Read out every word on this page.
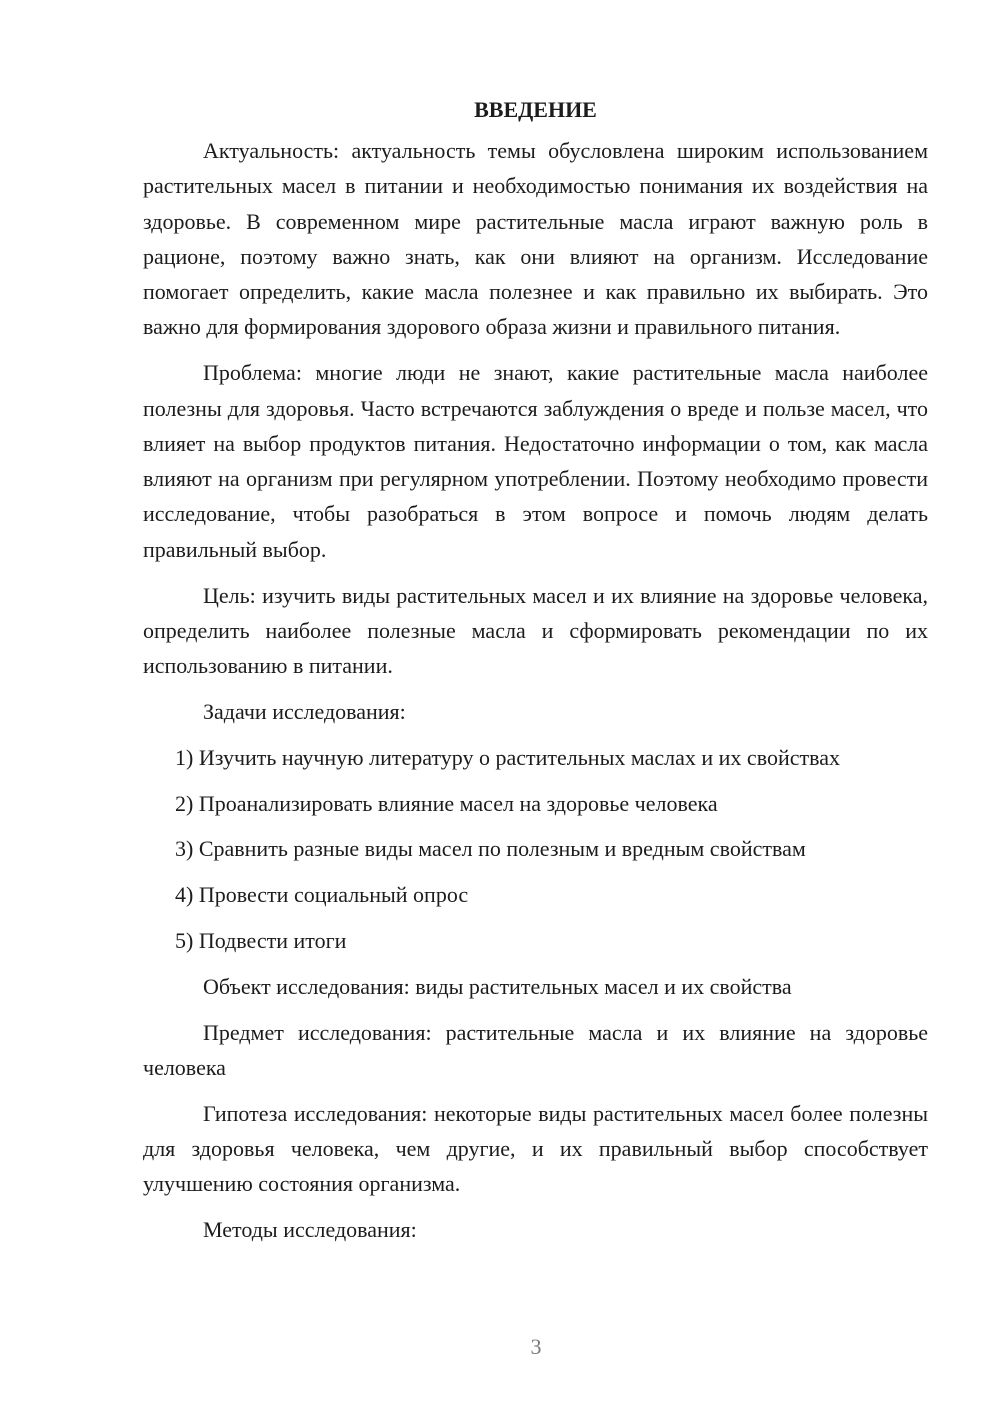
ВВЕДЕНИЕ

Актуальность: актуальность темы обусловлена широким использованием растительных масел в питании и необходимостью понимания их воздействия на здоровье. В современном мире растительные масла играют важную роль в рационе, поэтому важно знать, как они влияют на организм. Исследование помогает определить, какие масла полезнее и как правильно их выбирать. Это важно для формирования здорового образа жизни и правильного питания.

Проблема: многие люди не знают, какие растительные масла наиболее полезны для здоровья. Часто встречаются заблуждения о вреде и пользе масел, что влияет на выбор продуктов питания. Недостаточно информации о том, как масла влияют на организм при регулярном употреблении. Поэтому необходимо провести исследование, чтобы разобраться в этом вопросе и помочь людям делать правильный выбор.

Цель: изучить виды растительных масел и их влияние на здоровье человека, определить наиболее полезные масла и сформировать рекомендации по их использованию в питании.

Задачи исследования:

1) Изучить научную литературу о растительных маслах и их свойствах
2) Проанализировать влияние масел на здоровье человека
3) Сравнить разные виды масел по полезным и вредным свойствам
4) Провести социальный опрос
5) Подвести итоги

Объект исследования: виды растительных масел и их свойства

Предмет исследования: растительные масла и их влияние на здоровье человека

Гипотеза исследования: некоторые виды растительных масел более полезны для здоровья человека, чем другие, и их правильный выбор способствует улучшению состояния организма.

Методы исследования:

3
